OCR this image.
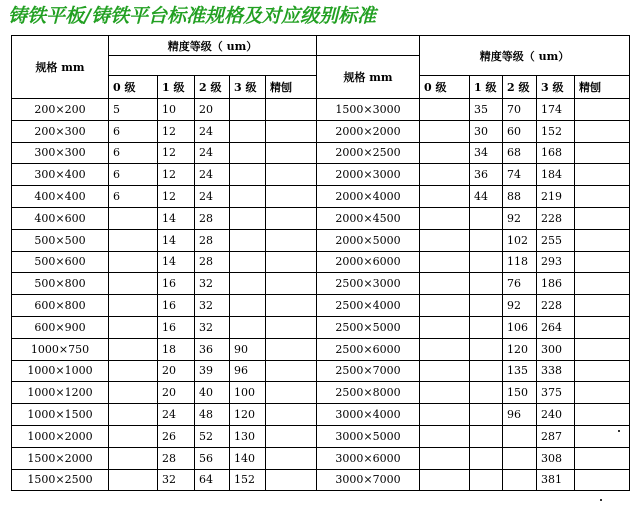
铸铁平板/铸铁平台标准规格及对应级别标准
规格 mm	精度等级（ um）						精度等级（ um）				
						规格 mm					
	0 级	1 级	2 级	3 级	精刨		0 级	1 级	2 级	3 级	精刨
200×200	5	10	20			1500×3000		35	70	174	
200×300	6	12	24			2000×2000		30	60	152	
300×300	6	12	24			2000×2500		34	68	168	
300×400	6	12	24			2000×3000		36	74	184	
400×400	6	12	24			2000×4000		44	88	219	
400×600		14	28			2000×4500			92	228	
500×500		14	28			2000×5000			102	255	
500×600		14	28			2000×6000			118	293	
500×800		16	32			2500×3000			76	186	
600×800		16	32			2500×4000			92	228	
600×900		16	32			2500×5000			106	264	
1000×750		18	36	90		2500×6000			120	300	
1000×1000		20	39	96		2500×7000			135	338	
1000×1200		20	40	100		2500×8000			150	375	
1000×1500		24	48	120		3000×4000			96	240	
1000×2000		26	52	130		3000×5000				287	
1500×2000		28	56	140		3000×6000				308	
1500×2500		32	64	152		3000×7000				381	
